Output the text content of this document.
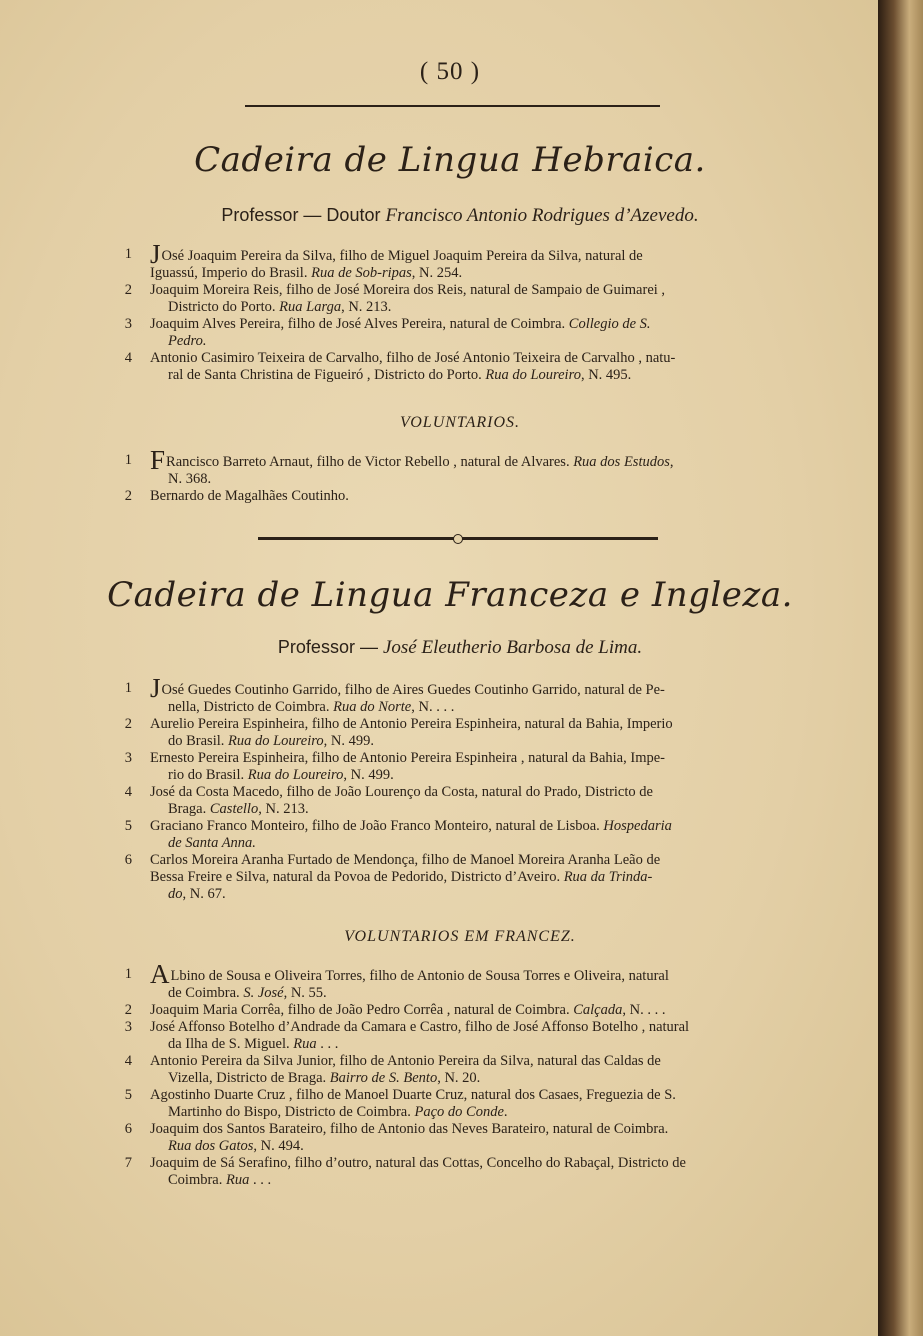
( 50 )
Cadeira de Lingua Hebraica.
Professor — Doutor Francisco Antonio Rodrigues d’Azevedo.
1 JOsé Joaquim Pereira da Silva, filho de Miguel Joaquim Pereira da Silva, natural de
Iguassú, Imperio do Brasil. Rua de Sob-ripas, N. 254.
2 Joaquim Moreira Reis, filho de José Moreira dos Reis, natural de Sampaio de Guimarei ,
Districto do Porto. Rua Larga, N. 213.
3 Joaquim Alves Pereira, filho de José Alves Pereira, natural de Coimbra. Collegio de S.
Pedro.
4 Antonio Casimiro Teixeira de Carvalho, filho de José Antonio Teixeira de Carvalho , natu-
ral de Santa Christina de Figueiró , Districto do Porto. Rua do Loureiro, N. 495.
VOLUNTARIOS.
1 FRancisco Barreto Arnaut, filho de Victor Rebello , natural de Alvares. Rua dos Estudos,
N. 368.
2 Bernardo de Magalhães Coutinho.
Cadeira de Lingua Franceza e Ingleza.
Professor — José Eleutherio Barbosa de Lima.
1 JOsé Guedes Coutinho Garrido, filho de Aires Guedes Coutinho Garrido, natural de Pe-
nella, Districto de Coimbra. Rua do Norte, N. . . .
2 Aurelio Pereira Espinheira, filho de Antonio Pereira Espinheira, natural da Bahia, Imperio
do Brasil. Rua do Loureiro, N. 499.
3 Ernesto Pereira Espinheira, filho de Antonio Pereira Espinheira , natural da Bahia, Impe-
rio do Brasil. Rua do Loureiro, N. 499.
4 José da Costa Macedo, filho de João Lourenço da Costa, natural do Prado, Districto de
Braga. Castello, N. 213.
5 Graciano Franco Monteiro, filho de João Franco Monteiro, natural de Lisboa. Hospedaria
de Santa Anna.
6 Carlos Moreira Aranha Furtado de Mendonça, filho de Manoel Moreira Aranha Leão de
Bessa Freire e Silva, natural da Povoa de Pedorido, Districto d’Aveiro. Rua da Trinda-
do, N. 67.
VOLUNTARIOS EM FRANCEZ.
1 ALbino de Sousa e Oliveira Torres, filho de Antonio de Sousa Torres e Oliveira, natural
de Coimbra. S. José, N. 55.
2 Joaquim Maria Corrêa, filho de João Pedro Corrêa , natural de Coimbra. Calçada, N. . . .
3 José Affonso Botelho d’Andrade da Camara e Castro, filho de José Affonso Botelho , natural
da Ilha de S. Miguel. Rua . . .
4 Antonio Pereira da Silva Junior, filho de Antonio Pereira da Silva, natural das Caldas de
Vizella, Districto de Braga. Bairro de S. Bento, N. 20.
5 Agostinho Duarte Cruz , filho de Manoel Duarte Cruz, natural dos Casaes, Freguezia de S.
Martinho do Bispo, Districto de Coimbra. Paço do Conde.
6 Joaquim dos Santos Barateiro, filho de Antonio das Neves Barateiro, natural de Coimbra.
Rua dos Gatos, N. 494.
7 Joaquim de Sá Serafino, filho d’outro, natural das Cottas, Concelho do Rabaçal, Districto de
Coimbra. Rua . . .
